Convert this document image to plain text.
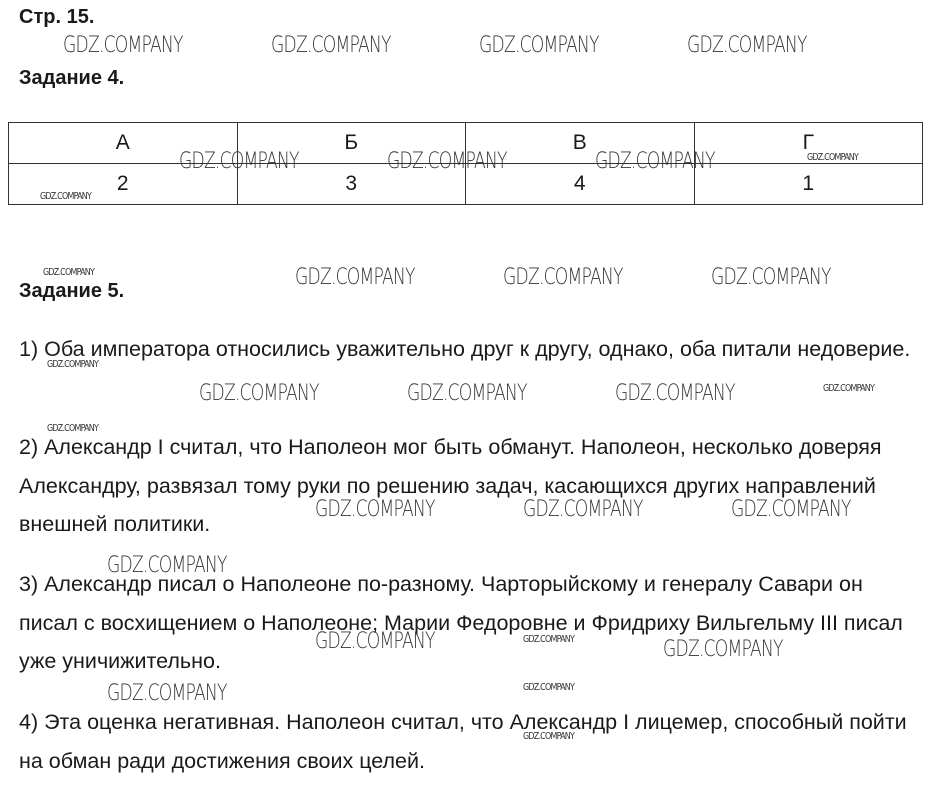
Стр. 15.
Задание 4.
А	Б	В	Г
2	3	4	1
Задание 5.

1) Оба императора относились уважительно друг к другу, однако, оба питали недоверие.

2) Александр I считал, что Наполеон мог быть обманут. Наполеон, несколько доверяя Александру, развязал тому руки по решению задач, касающихся других направлений внешней политики.

3) Александр писал о Наполеоне по-разному. Чарторыйскому и генералу Савари он писал с восхищением о Наполеоне; Марии Федоровне и Фридриху Вильгельму III писал уже уничижительно.

4) Эта оценка негативная. Наполеон считал, что Александр I лицемер, способный пойти на обман ради достижения своих целей.

GDZ.COMPANY	GDZ.COMPANY	GDZ.COMPANY	GDZ.COMPANY
GDZ.COMPANY	GDZ.COMPANY	GDZ.COMPANY	GDZ.COMPANY
GDZ.COMPANY
GDZ.COMPANY	GDZ.COMPANY	GDZ.COMPANY	GDZ.COMPANY
GDZ.COMPANY
GDZ.COMPANY	GDZ.COMPANY	GDZ.COMPANY	GDZ.COMPANY
GDZ.COMPANY
GDZ.COMPANY	GDZ.COMPANY	GDZ.COMPANY
GDZ.COMPANY
GDZ.COMPANY	GDZ.COMPANY	GDZ.COMPANY
GDZ.COMPANY	GDZ.COMPANY
GDZ.COMPANY
